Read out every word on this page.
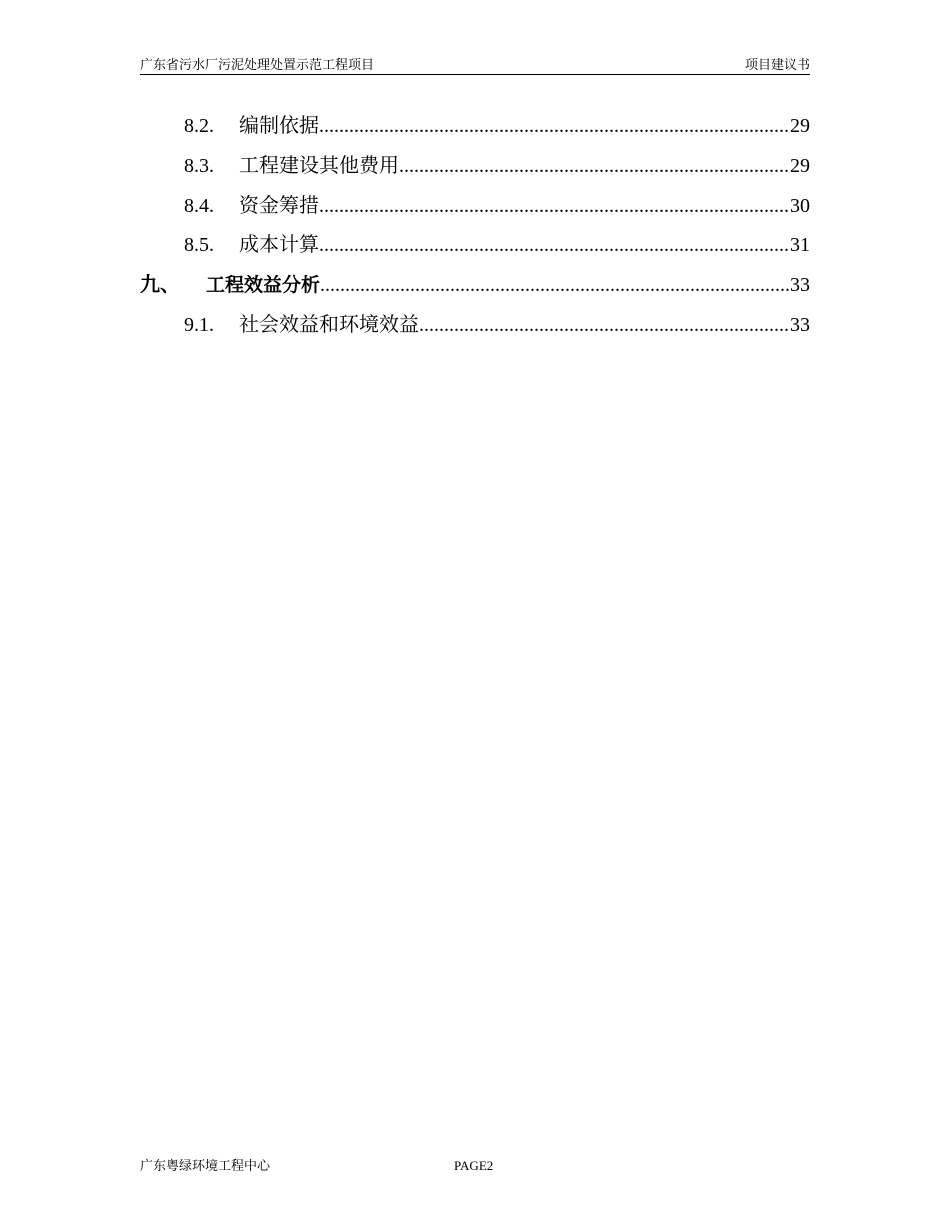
广东省污水厂污泥处理处置示范工程项目	项目建议书
8.2.	编制依据 .....	29
8.3.	工程建设其他费用 .....	29
8.4.	资金筹措 .....	30
8.5.	成本计算 .....	31
九、	工程效益分析 .....	33
9.1.	社会效益和环境效益 .....	33
广东粤绿环境工程中心	PAGE2
